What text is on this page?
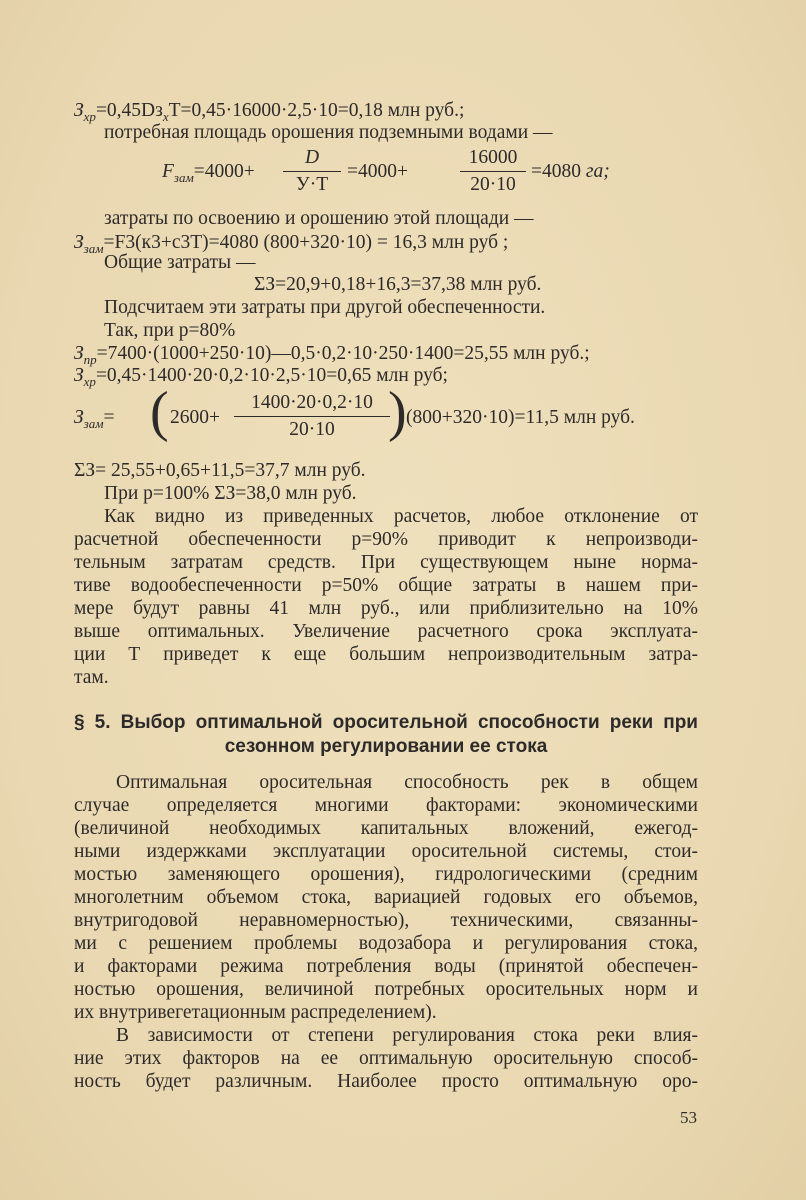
$З_{хр}=0,45Dз_хT=0,45\cdot 16000\cdot 2,5\cdot 10=0,18$ млн руб.;
потребная площадь орошения подземными водами —
$F_{зам}=4000+$
D
У·Т
=4000+	$\frac{16000}{20\cdot 10} =4080$ га;
затраты по освоению и орошению этой площади —
$З_{зам}=F3(к3+с3T)=4080$ (800+320·10) = 16,3 млн руб ;
Общие затраты —
ΣЗ=20,9+0,18+16,3=37,38 млн руб.
Подсчитаем эти затраты при другой обеспеченности.
Так, при р=80%
$З_{пр}=7400\cdot(1000+250\cdot 10)—0,5\cdot 0,2\cdot 10\cdot 250\cdot 1400=25,55$ млн руб.;
$З_{хр}=0,45\cdot 1400\cdot 20\cdot 0,2\cdot 10\cdot 2,5\cdot 10=0,65$ млн руб;
$З_{зам}=$ ( $2600+ \frac{1400\cdot 20\cdot 0,2\cdot 10}{20\cdot 10}$
) (800+320·10)=11,5 млн руб.
ΣЗ= 25,55+0,65+11,5=37,7 млн руб.
При р=100% ΣЗ=38,0 млн руб.
Как видно из приведенных расчетов, любое отклонение от
расчетной обеспеченности р=90% приводит к непроизводи-
тельным затратам средств. При существующем ныне норма-
тиве водообеспеченности р=50% общие затраты в нашем при-
мере будут равны 41 млн руб., или приблизительно на 10%
выше оптимальных. Увеличение расчетного срока эксплуата-
ции Т приведет к еще большим непроизводительным затра-
там.
§ 5. Выбор оптимальной оросительной способности реки при
сезонном регулировании ее стока
Оптимальная оросительная способность рек в общем
случае определяется многими факторами: экономическими
(величиной необходимых капитальных вложений, ежегод-
ными издержками эксплуатации оросительной системы, стои-
мостью заменяющего орошения), гидрологическими (средним
многолетним объемом стока, вариацией годовых его объемов,
внутригодовой неравномерностью), техническими, связанны-
ми с решением проблемы водозабора и регулирования стока,
и факторами режима потребления воды (принятой обеспечен-
ностью орошения, величиной потребных оросительных норм и
их внутривегетационным распределением).
В зависимости от степени регулирования стока реки влия-
ние этих факторов на ее оптимальную оросительную способ-
ность будет различным. Наиболее просто оптимальную оро-
53
